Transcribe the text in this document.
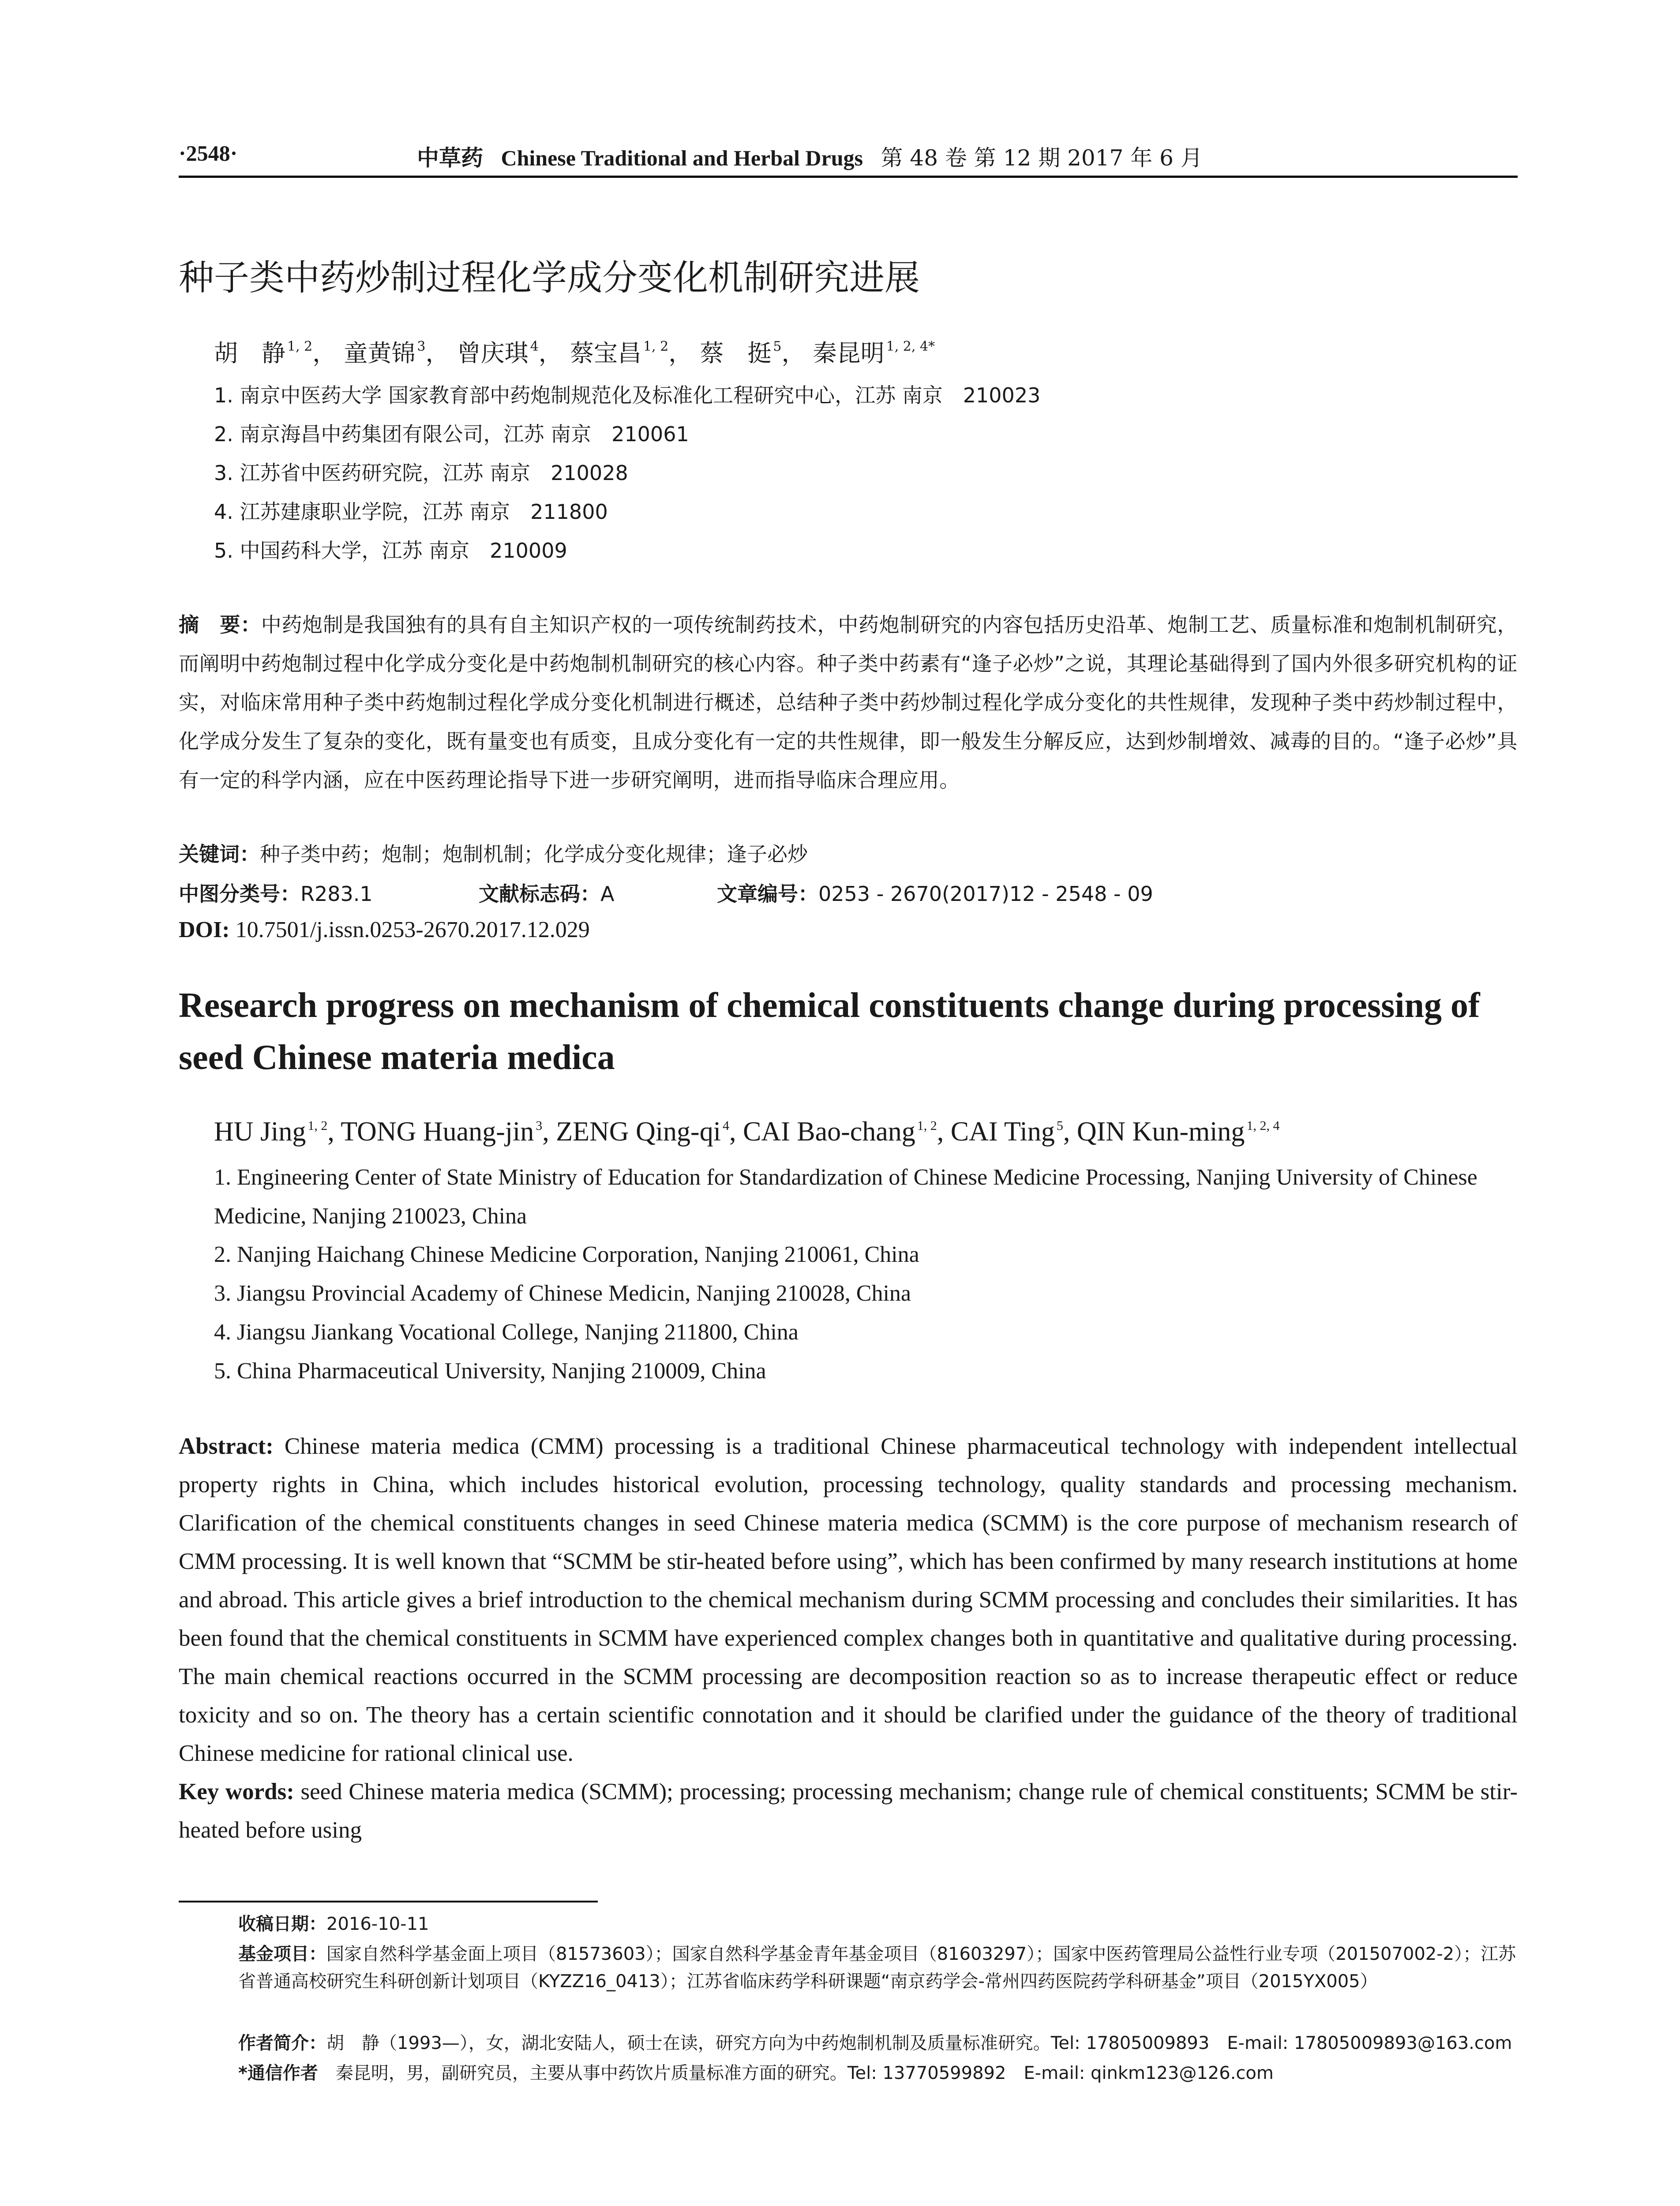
·2548·	中草药 Chinese Traditional and Herbal Drugs 第 48 卷 第 12 期 2017 年 6 月
种子类中药炒制过程化学成分变化机制研究进展
胡　静 $^{1, 2}$， 童黄锦 $^3$， 曾庆琪 $^4$， 蔡宝昌 $^{1, 2}$， 蔡　挺 $^5$， 秦昆明 $^{1, 2, 4*}$
1. 南京中医药大学 国家教育部中药炮制规范化及标准化工程研究中心，江苏 南京　210023
2. 南京海昌中药集团有限公司，江苏 南京　210061
3. 江苏省中医药研究院，江苏 南京　210028
4. 江苏建康职业学院，江苏 南京　211800
5. 中国药科大学，江苏 南京　210009
摘　要：中药炮制是我国独有的具有自主知识产权的一项传统制药技术，中药炮制研究的内容包括历史沿革、炮制工艺、质量标准和炮制机制研究，而阐明中药炮制过程中化学成分变化是中药炮制机制研究的核心内容。种子类中药素有“逢子必炒”之说，其理论基础得到了国内外很多研究机构的证实，对临床常用种子类中药炮制过程化学成分变化机制进行概述，总结种子类中药炒制过程化学成分变化的共性规律，发现种子类中药炒制过程中，化学成分发生了复杂的变化，既有量变也有质变，且成分变化有一定的共性规律，即一般发生分解反应，达到炒制增效、减毒的目的。“逢子必炒”具有一定的科学内涵，应在中医药理论指导下进一步研究阐明，进而指导临床合理应用。
关键词：种子类中药；炮制；炮制机制；化学成分变化规律；逢子必炒
中图分类号：R283.1	文献标志码：A	文章编号：0253 - 2670(2017)12 - 2548 - 09
DOI: 10.7501/j.issn.0253-2670.2017.12.029
Research progress on mechanism of chemical constituents change during processing of seed Chinese materia medica
HU Jing $^{1, 2}$, TONG Huang-jin $^3$, ZENG Qing-qi $^4$, CAI Bao-chang $^{1, 2}$, CAI Ting $^5$, QIN Kun-ming $^{1, 2, 4}$
1. Engineering Center of State Ministry of Education for Standardization of Chinese Medicine Processing, Nanjing University of Chinese Medicine, Nanjing 210023, China
2. Nanjing Haichang Chinese Medicine Corporation, Nanjing 210061, China
3. Jiangsu Provincial Academy of Chinese Medicin, Nanjing 210028, China
4. Jiangsu Jiankang Vocational College, Nanjing 211800, China
5. China Pharmaceutical University, Nanjing 210009, China
Abstract: Chinese materia medica (CMM) processing is a traditional Chinese pharmaceutical technology with independent intellectual property rights in China, which includes historical evolution, processing technology, quality standards and processing mechanism. Clarification of the chemical constituents changes in seed Chinese materia medica (SCMM) is the core purpose of mechanism research of CMM processing. It is well known that “SCMM be stir-heated before using”, which has been confirmed by many research institutions at home and abroad. This article gives a brief introduction to the chemical mechanism during SCMM processing and concludes their similarities. It has been found that the chemical constituents in SCMM have experienced complex changes both in quantitative and qualitative during processing. The main chemical reactions occurred in the SCMM processing are decomposition reaction so as to increase therapeutic effect or reduce toxicity and so on. The theory has a certain scientific connotation and it should be clarified under the guidance of the theory of traditional Chinese medicine for rational clinical use.
Key words: seed Chinese materia medica (SCMM); processing; processing mechanism; change rule of chemical constituents; SCMM be stir-heated before using
收稿日期：2016-10-11
基金项目：国家自然科学基金面上项目（81573603）；国家自然科学基金青年基金项目（81603297）；国家中医药管理局公益性行业专项（201507002-2）；江苏省普通高校研究生科研创新计划项目（KYZZ16_0413）；江苏省临床药学科研课题“南京药学会-常州四药医院药学科研基金”项目（2015YX005）
作者简介：胡　静（1993—），女，湖北安陆人，硕士在读，研究方向为中药炮制机制及质量标准研究。Tel: 17805009893　E-mail: 17805009893@163.com
*通信作者　 秦昆明，男，副研究员，主要从事中药饮片质量标准方面的研究。Tel: 13770599892　E-mail: qinkm123@126.com
